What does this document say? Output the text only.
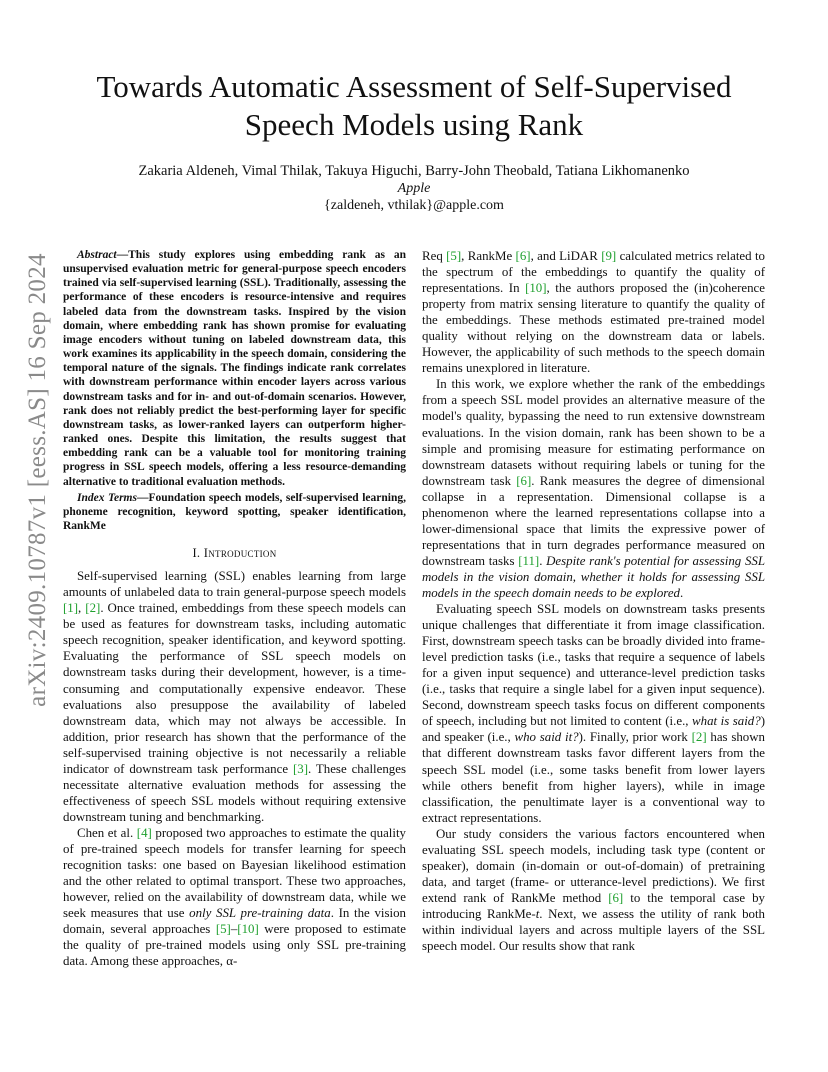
arXiv:2409.10787v1 [eess.AS] 16 Sep 2024
Towards Automatic Assessment of Self-Supervised
Speech Models using Rank
Zakaria Aldeneh, Vimal Thilak, Takuya Higuchi, Barry-John Theobald, Tatiana Likhomanenko
Apple
{zaldeneh, vthilak}@apple.com

Abstract—This study explores using embedding rank as an unsupervised evaluation metric for general-purpose speech encoders trained via self-supervised learning (SSL). Traditionally, assessing the performance of these encoders is resource-intensive and requires labeled data from the downstream tasks. Inspired by the vision domain, where embedding rank has shown promise for evaluating image encoders without tuning on labeled downstream data, this work examines its applicability in the speech domain, considering the temporal nature of the signals. The findings indicate rank correlates with downstream performance within encoder layers across various downstream tasks and for in- and out-of-domain scenarios. However, rank does not reliably predict the best-performing layer for specific downstream tasks, as lower-ranked layers can outperform higher-ranked ones. Despite this limitation, the results suggest that embedding rank can be a valuable tool for monitoring training progress in SSL speech models, offering a less resource-demanding alternative to traditional evaluation methods.

Index Terms—Foundation speech models, self-supervised learning, phoneme recognition, keyword spotting, speaker identification, RankMe

I. Introduction

Self-supervised learning (SSL) enables learning from large amounts of unlabeled data to train general-purpose speech models [1], [2]. Once trained, embeddings from these speech models can be used as features for downstream tasks, including automatic speech recognition, speaker identification, and keyword spotting. Evaluating the performance of SSL speech models on downstream tasks during their development, however, is a time-consuming and computationally expensive endeavor. These evaluations also presuppose the availability of labeled downstream data, which may not always be accessible. In addition, prior research has shown that the performance of the self-supervised training objective is not necessarily a reliable indicator of downstream task performance [3]. These challenges necessitate alternative evaluation methods for assessing the effectiveness of speech SSL models without requiring extensive downstream tuning and benchmarking.

Chen et al. [4] proposed two approaches to estimate the quality of pre-trained speech models for transfer learning for speech recognition tasks: one based on Bayesian likelihood estimation and the other related to optimal transport. These two approaches, however, relied on the availability of downstream data, while we seek measures that use only SSL pre-training data. In the vision domain, several approaches [5]–[10] were proposed to estimate the quality of pre-trained models using only SSL pre-training data. Among these approaches, α-

Req [5], RankMe [6], and LiDAR [9] calculated metrics related to the spectrum of the embeddings to quantify the quality of representations. In [10], the authors proposed the (in)coherence property from matrix sensing literature to quantify the quality of the embeddings. These methods estimated pre-trained model quality without relying on the downstream data or labels. However, the applicability of such methods to the speech domain remains unexplored in literature.

In this work, we explore whether the rank of the embeddings from a speech SSL model provides an alternative measure of the model's quality, bypassing the need to run extensive downstream evaluations. In the vision domain, rank has been shown to be a simple and promising measure for estimating performance on downstream datasets without requiring labels or tuning for the downstream task [6]. Rank measures the degree of dimensional collapse in a representation. Dimensional collapse is a phenomenon where the learned representations collapse into a lower-dimensional space that limits the expressive power of representations that in turn degrades performance measured on downstream tasks [11]. Despite rank's potential for assessing SSL models in the vision domain, whether it holds for assessing SSL models in the speech domain needs to be explored.

Evaluating speech SSL models on downstream tasks presents unique challenges that differentiate it from image classification. First, downstream speech tasks can be broadly divided into frame-level prediction tasks (i.e., tasks that require a sequence of labels for a given input sequence) and utterance-level prediction tasks (i.e., tasks that require a single label for a given input sequence). Second, downstream speech tasks focus on different components of speech, including but not limited to content (i.e., what is said?) and speaker (i.e., who said it?). Finally, prior work [2] has shown that different downstream tasks favor different layers from the speech SSL model (i.e., some tasks benefit from lower layers while others benefit from higher layers), while in image classification, the penultimate layer is a conventional way to extract representations.

Our study considers the various factors encountered when evaluating SSL speech models, including task type (content or speaker), domain (in-domain or out-of-domain) of pretraining data, and target (frame- or utterance-level predictions). We first extend rank of RankMe method [6] to the temporal case by introducing RankMe-t. Next, we assess the utility of rank both within individual layers and across multiple layers of the SSL speech model. Our results show that rank
